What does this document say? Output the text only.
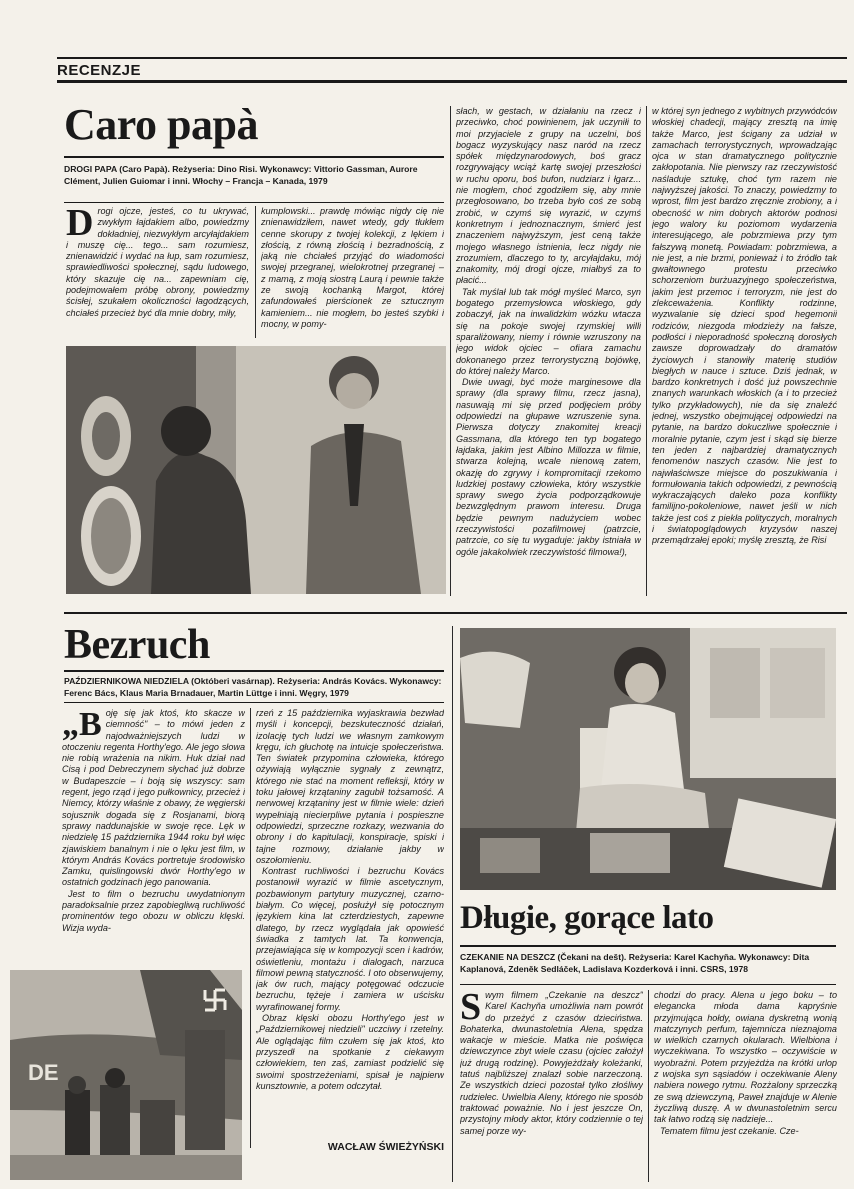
RECENZJE
Caro papà
DROGI PAPA (Caro Papà). Reżyseria: Dino Risi. Wykonawcy: Vittorio Gassman, Aurore Clément, Julien Guiomar i inni. Włochy – Francja – Kanada, 1979
Drogi ojcze, jesteś, co tu ukrywać, zwykłym łajdakiem albo, powiedzmy dokładniej, niezwykłym arcyłajdakiem i muszę cię... tego... sam rozumiesz, znienawidzić i wydać na łup, sam rozumiesz, sprawiedliwości społecznej, sądu ludowego, który skazuje cię na... zapewniam cię, podejmowałem próbę obrony, powiedzmy ścisłej, szukałem okoliczności łagodzących, chciałeś przecież być dla mnie dobry, miły,
kumplowski... prawdę mówiąc nigdy cię nie znienawidziłem, nawet wtedy, gdy tłukłem cenne skorupy z twojej kolekcji, z lękiem i złością, z równą złością i bezradnością, z jaką nie chciałeś przyjąć do wiadomości swojej przegranej, wielokrotnej przegranej – z mamą, z moją siostrą Laurą i pewnie także ze swoją kochanką Margot, której zafundowałeś pierścionek ze sztucznym kamieniem... nie mogłem, bo jesteś szybki i mocny, w pomy-

słach, w gestach, w działaniu na rzecz i przeciwko, choć powinienem, jak uczyniłi to moi przyjaciele z grupy na uczelni, boś bogacz wyzyskujący nasz naród na rzecz spółek międzynarodowych, boś gracz rozgrywający wciąż kartę swojej przeszłości w ruchu oporu, boś bufon, nudziarz i łgarz... nie mogłem, choć zgodziłem się, aby mnie przegłosowano, bo trzeba było coś ze sobą zrobić, w czymś się wyrazić, w czymś konkretnym i jednoznacznym, śmierć jest znaczeniem najwyższym, jest ceną także mojego własnego istnienia, lecz nigdy nie zrozumiem, dlaczego to ty, arcyłajdaku, mój znakomity, mój drogi ojcze, miałbyś za to płacić...

Tak myślał lub tak mógł myśleć Marco, syn bogatego przemysłowca włoskiego, gdy zobaczył, jak na inwalidzkim wózku wtacza się na pokoje swojej rzymskiej willi sparaliżowany, niemy i równie wzruszony na jego widok ojciec – ofiara zamachu dokonanego przez terrorystyczną bojówkę, do której należy Marco.

Dwie uwagi, być może marginesowe dla sprawy (dla sprawy filmu, rzecz jasna), nasuwają mi się przed podjęciem próby odpowiedzi na głupawe wzruszenie syna. Pierwsza dotyczy znakomitej kreacji Gassmana, dla którego ten typ bogatego łajdaka, jakim jest Albino Millozza w filmie, stwarza kolejną, wcale nienową zatem, okazję do zgrywy i kompromitacji rzekomo ludzkiej postawy człowieka, który wszystkie sprawy swego życia podporządkowuje bezwzględnym prawom interesu. Druga będzie pewnym nadużyciem wobec rzeczywistości pozafilmowej (patrzcie, patrzcie, co się tu wygaduje: jakby istniała w ogóle jakakolwiek rzeczywistość filmowa!),

w której syn jednego z wybitnych przywódców włoskiej chadecji, mający zresztą na imię także Marco, jest ścigany za udział w zamachach terrorystycznych, wprowadzając ojca w stan dramatycznego politycznie zakłopotania. Nie pierwszy raz rzeczywistość naśladuje sztukę, choć tym razem nie najwyższej jakości. To znaczy, powiedzmy to wprost, film jest bardzo zręcznie zrobiony, a i obecność w nim dobrych aktorów podnosi jego walory ku poziomom wydarzenia interesującego, ale pobrzmiewa przy tym fałszywą monetą. Powiadam: pobrzmiewa, a nie jest, a nie brzmi, ponieważ i to źródło tak gwałtownego protestu przeciwko schorzeniom burżuazyjnego społeczeństwa, jakim jest przemoc i terroryzm, nie jest do zlekceważenia. Konflikty rodzinne, wyzwalanie się dzieci spod hegemonii rodziców, niezgoda młodzieży na fałsze, podłości i nieporadność społeczną dorosłych zawsze doprowadzały do dramatów życiowych i stanowiły materię studiów biegłych w nauce i sztuce. Dziś jednak, w bardzo konkretnych i dość już powszechnie znanych warunkach włoskich (a i to przecież tylko przykładowych), nie da się znaleźć jednej, wszystko obejmującej odpowiedzi na pytanie, na bardzo dokuczliwe społecznie i moralnie pytanie, czym jest i skąd się bierze ten jeden z najbardziej dramatycznych fenomenów naszych czasów. Nie jest to najwłaściwsze miejsce do poszukiwania i formułowania takich odpowiedzi, z pewnością wykraczających daleko poza konflikty familijno-pokoleniowe, nawet jeśli w nich także jest coś z piekła polityczych, moralnych i światopoglądowych kryzysów naszej przemądrzałej epoki; myślę zresztą, że Risi
Bezruch
PAŹDZIERNIKOWA NIEDZIELA (Októberi vasárnap). Reżyseria: András Kovács. Wykonawcy: Ferenc Bács, Klaus Maria Brnadauer, Martin Lüttge i inni. Węgry, 1979
„B oję się jak ktoś, kto skacze w ciemność" – to mówi jeden z najodważniejszych ludzi w otoczeniu regenta Horthy'ego. Ale jego słowa nie robią wrażenia na nikim. Huk dział nad Cisą i pod Debreczynem słychać już dobrze w Budapeszcie – i boją się wszyscy: sam regent, jego rząd i jego pułkownicy, przecież i Niemcy, którzy właśnie z obawy, że węgierski sojusznik dogada się z Rosjanami, biorą sprawy naddunajskie w swoje ręce. Lęk w niedzielę 15 października 1944 roku był więc zjawiskiem banalnym i nie o lęku jest film, w którym András Kovács portretuje środowisko Zamku, quislingowski dwór Horthy'ego w ostatnich godzinach jego panowania.

Jest to film o bezruchu uwydatnionym paradoksalnie przez zapobiegliwą ruchliwość prominentów tego obozu w obliczu klęski. Wizja wyda-

rzeń z 15 października wyjaskrawia bezwład myśli i koncepcji, bezskuteczność działań, izolację tych ludzi we własnym zamkowym kręgu, ich głuchotę na intuicje społeczeństwa. Ten światek przypomina człowieka, którego ożywiają wyłącznie sygnały z zewnątrz, którego nie stać na moment refleksji, który w toku jałowej krzątaniny zagubił tożsamość. A nerwowej krzątaniny jest w filmie wiele: dzień wypełniają niecierpliwe pytania i pospieszne odpowiedzi, sprzeczne rozkazy, wezwania do obrony i do kapitulacji, konspiracje, spiski i tajne rozmowy, działanie jakby w oszołomieniu.

Kontrast ruchliwości i bezruchu Kovács postanowił wyrazić w filmie ascetycznym, pozbawionym partytury muzycznej, czarno-białym. Co więcej, posłużył się potocznym językiem kina lat czterdziestych, zapewne dlatego, by rzecz wyglądała jak opowieść świadka z tamtych lat. Ta konwencja, przejawiająca się w kompozycji scen i kadrów, oświetleniu, montażu i dialogach, narzuca filmowi pewną statyczność. I oto obserwujemy, jak ów ruch, mający potęgować odczucie bezruchu, tężeje i zamiera w uścisku wyrafinowanej formy.

Obraz klęski obozu Horthy'ego jest w „Październikowej niedzieli" uczciwy i rzetelny. Ale oglądając film czułem się jak ktoś, kto przyszedł na spotkanie z ciekawym człowiekiem, ten zaś, zamiast podzielić się swoimi spostrzeżeniami, spisał je najpierw kunsztownie, a potem odczytał.

WACŁAW ŚWIEŻYŃSKI
DE
Długie, gorące lato
CZEKANIE NA DESZCZ (Čekani na dešt). Reżyseria: Karel Kachyňa. Wykonawcy: Dita Kaplanová, Zdeněk Sedláček, Ladislava Kozderková i inni. CSRS, 1978
Swym filmem „Czekanie na deszcz" Karel Kachyňa umożliwia nam powrót do przeżyć z czasów dzieciństwa. Bohaterka, dwunastoletnia Alena, spędza wakacje w mieście. Matka nie poświęca dziewczynce zbyt wiele czasu (ojciec założył już drugą rodzinę). Powyjeżdżały koleżanki, tatuś najbliższej znalazł sobie narzeczoną. Ze wszystkich dzieci pozostał tylko złośliwy rudzielec. Uwielbia Aleny, którego nie sposób traktować poważnie. No i jest jeszcze On, przystojny młody aktor, który codziennie o tej samej porze wy-

chodzi do pracy. Alena u jego boku – to elegancka młoda dama kapryśnie przyjmująca hołdy, owiana dyskretną wonią matczynych perfum, tajemnicza nieznajoma w wielkich czarnych okularach. Wielbiona i wyczekiwana. To wszystko – oczywiście w wyobraźni. Potem przyjeżdża na krótki urlop z wojska syn sąsiadów i oczekiwanie Aleny nabiera nowego rytmu. Rozżalony sprzeczką ze swą dziewczyną, Paweł znajduje w Alenie życzliwą duszę. A w dwunastoletnim sercu tak łatwo rodzą się nadzieje...

Tematem filmu jest czekanie. Cze-
